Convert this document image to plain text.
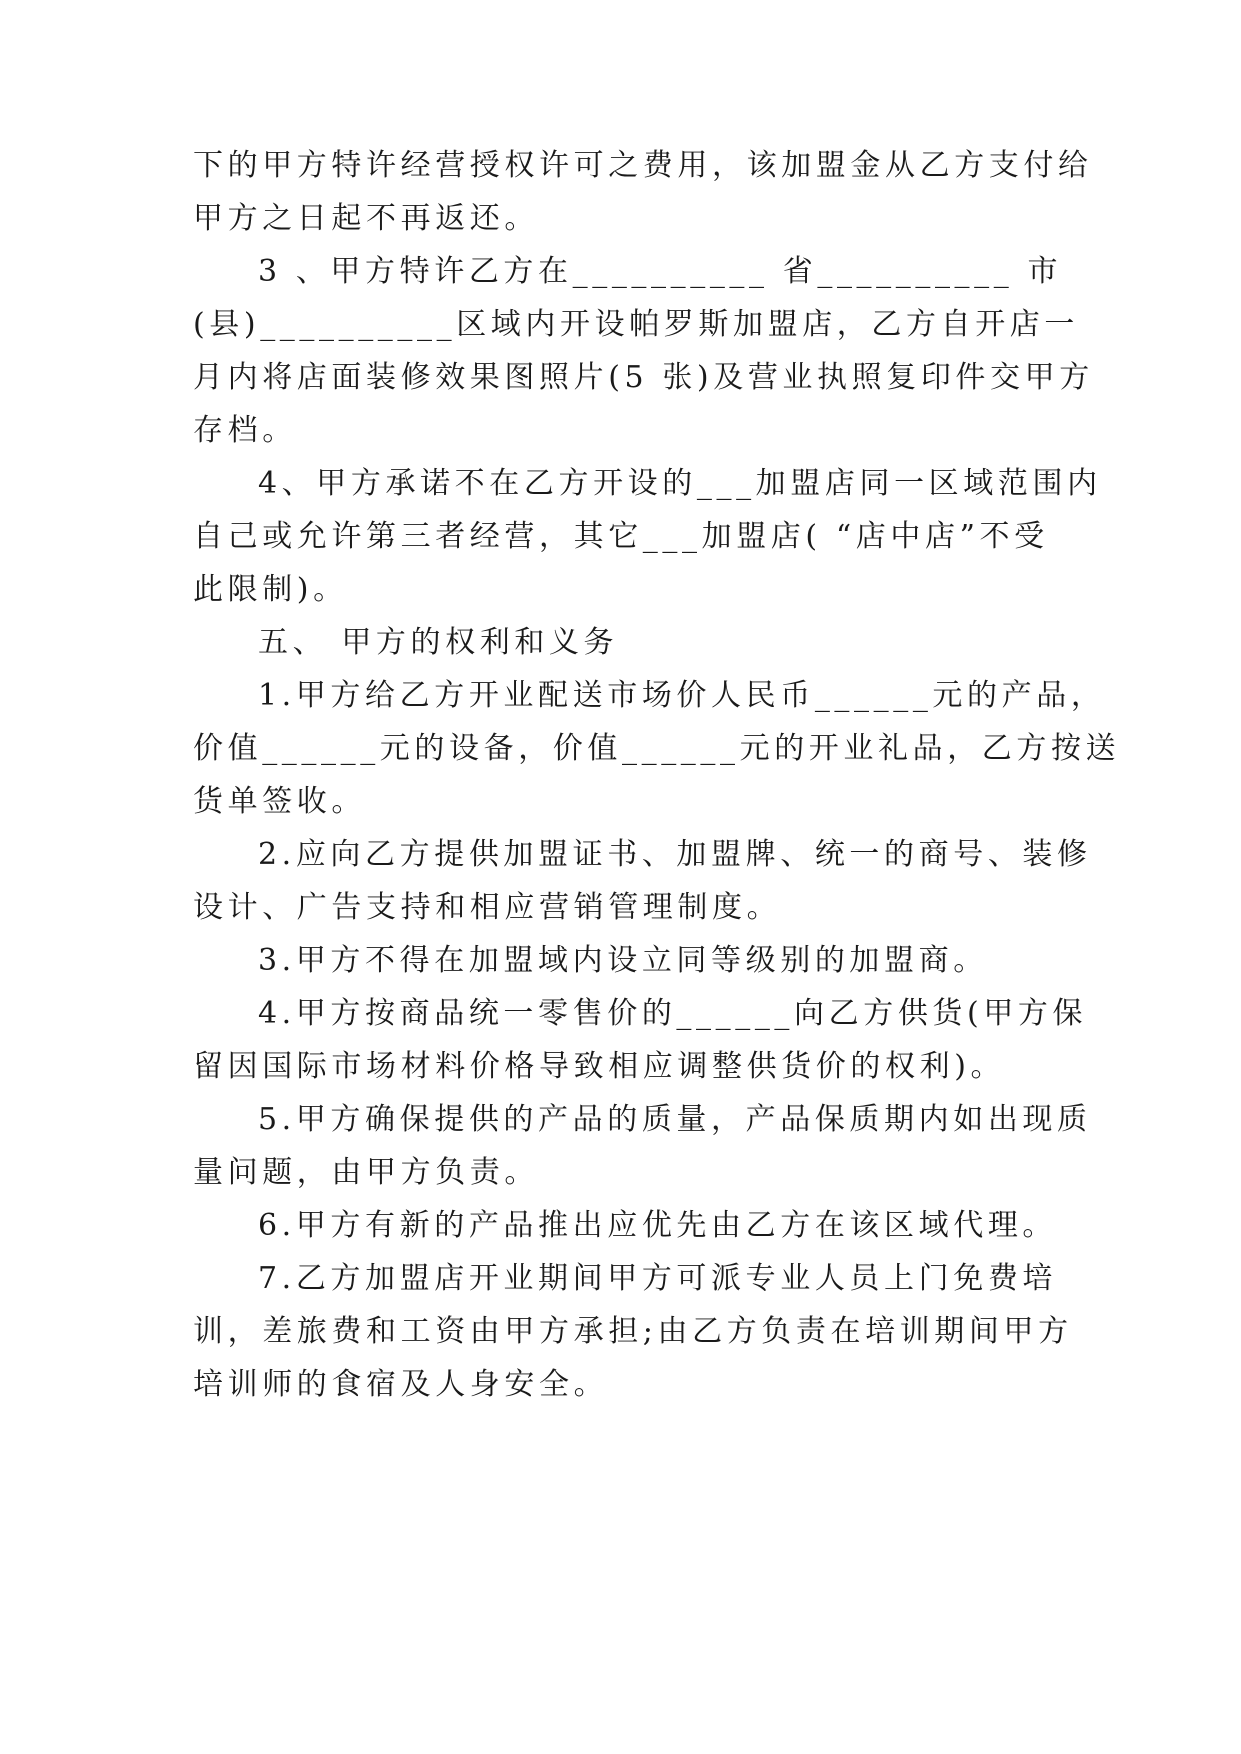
下的甲方特许经营授权许可之费用，该加盟金从乙方支付给
甲方之日起不再返还。
3 、甲方特许乙方在__________ 省__________ 市
(县)__________区域内开设帕罗斯加盟店，乙方自开店一
月内将店面装修效果图照片(5 张)及营业执照复印件交甲方
存档。
4、甲方承诺不在乙方开设的___加盟店同一区域范围内
自己或允许第三者经营，其它___加盟店( “店中店”不受
此限制)。
五、 甲方的权利和义务
1.甲方给乙方开业配送市场价人民币______元的产品，
价值______元的设备，价值______元的开业礼品，乙方按送
货单签收。
2.应向乙方提供加盟证书、加盟牌、统一的商号、装修
设计、广告支持和相应营销管理制度。
3.甲方不得在加盟域内设立同等级别的加盟商。
4.甲方按商品统一零售价的______向乙方供货(甲方保
留因国际市场材料价格导致相应调整供货价的权利)。
5.甲方确保提供的产品的质量，产品保质期内如出现质
量问题，由甲方负责。
6.甲方有新的产品推出应优先由乙方在该区域代理。
7.乙方加盟店开业期间甲方可派专业人员上门免费培
训，差旅费和工资由甲方承担;由乙方负责在培训期间甲方
培训师的食宿及人身安全。
